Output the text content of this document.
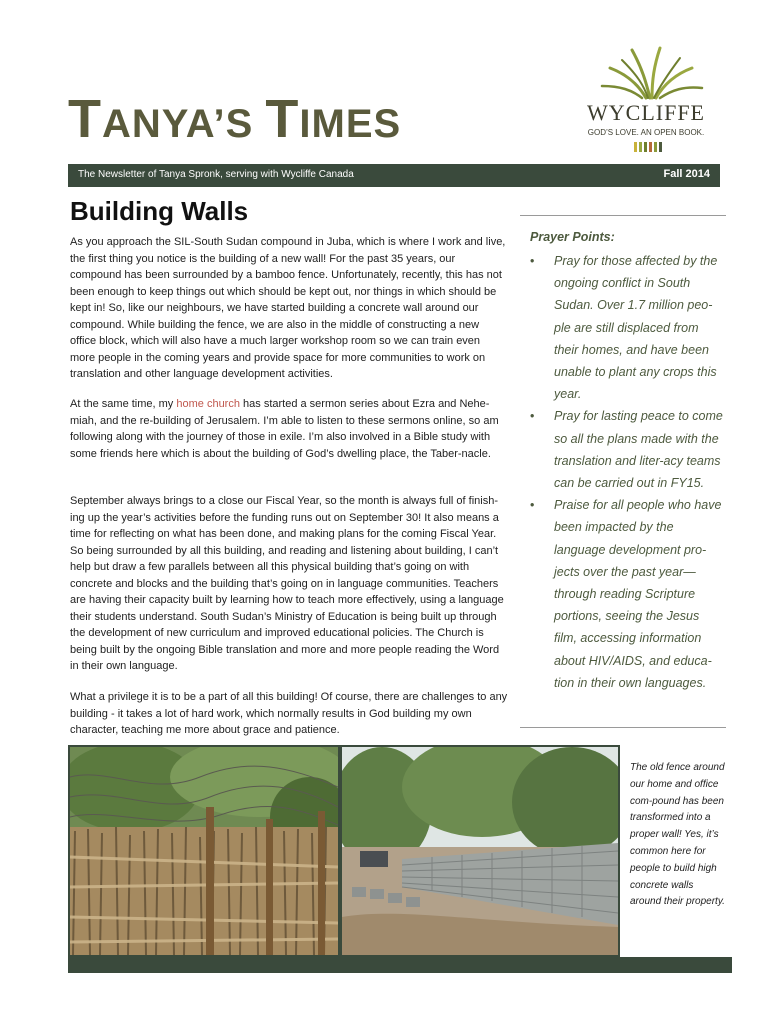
TANYA’S TIMES	WYCLIFFE
GOD’S LOVE. AN OPEN BOOK.
The Newsletter of Tanya Spronk, serving with Wycliffe Canada	Fall 2014
Building Walls

As you approach the SIL-South Sudan compound in Juba, which is where I work and live, the first thing you notice is the building of a new wall! For the past 35 years, our compound has been surrounded by a bamboo fence. Unfortunately, recently, this has not been enough to keep things out which should be kept out, nor things in which should be kept in! So, like our neighbours, we have started building a concrete wall around our compound. While building the fence, we are also in the middle of constructing a new office block, which will also have a much larger workshop room so we can train even more people in the coming years and provide space for more communities to work on translation and other language development activities.

At the same time, my home church has started a sermon series about Ezra and Nehe-miah, and the re-building of Jerusalem. I’m able to listen to these sermons online, so am following along with the journey of those in exile. I’m also involved in a Bible study with some friends here which is about the building of God’s dwelling place, the Taber-nacle.

September always brings to a close our Fiscal Year, so the month is always full of finish-ing up the year’s activities before the funding runs out on September 30! It also means a time for reflecting on what has been done, and making plans for the coming Fiscal Year. So being surrounded by all this building, and reading and listening about building, I can’t help but draw a few parallels between all this physical building that’s going on with concrete and blocks and the building that’s going on in language communities. Teachers are having their capacity built by learning how to teach more effectively, using a language their students understand. South Sudan’s Ministry of Education is being built up through the development of new curriculum and improved educational policies. The Church is being built by the ongoing Bible translation and more and more people reading the Word in their own language.

What a privilege it is to be a part of all this building! Of course, there are challenges to any building - it takes a lot of hard work, which normally results in God building my own character, teaching me more about grace and patience.

Prayer Points:
• Pray for those affected by the ongoing conflict in South Sudan. Over 1.7 million peo-ple are still displaced from their homes, and have been unable to plant any crops this year.
• Pray for lasting peace to come so all the plans made with the translation and liter-acy teams can be carried out in FY15.
• Praise for all people who have been impacted by the language development pro-jects over the past year—through reading Scripture portions, seeing the Jesus film, accessing information about HIV/AIDS, and educa-tion in their own languages.
The old fence around our home and office com-pound has been transformed into a proper wall! Yes, it’s common here for people to build high concrete walls around their property.
